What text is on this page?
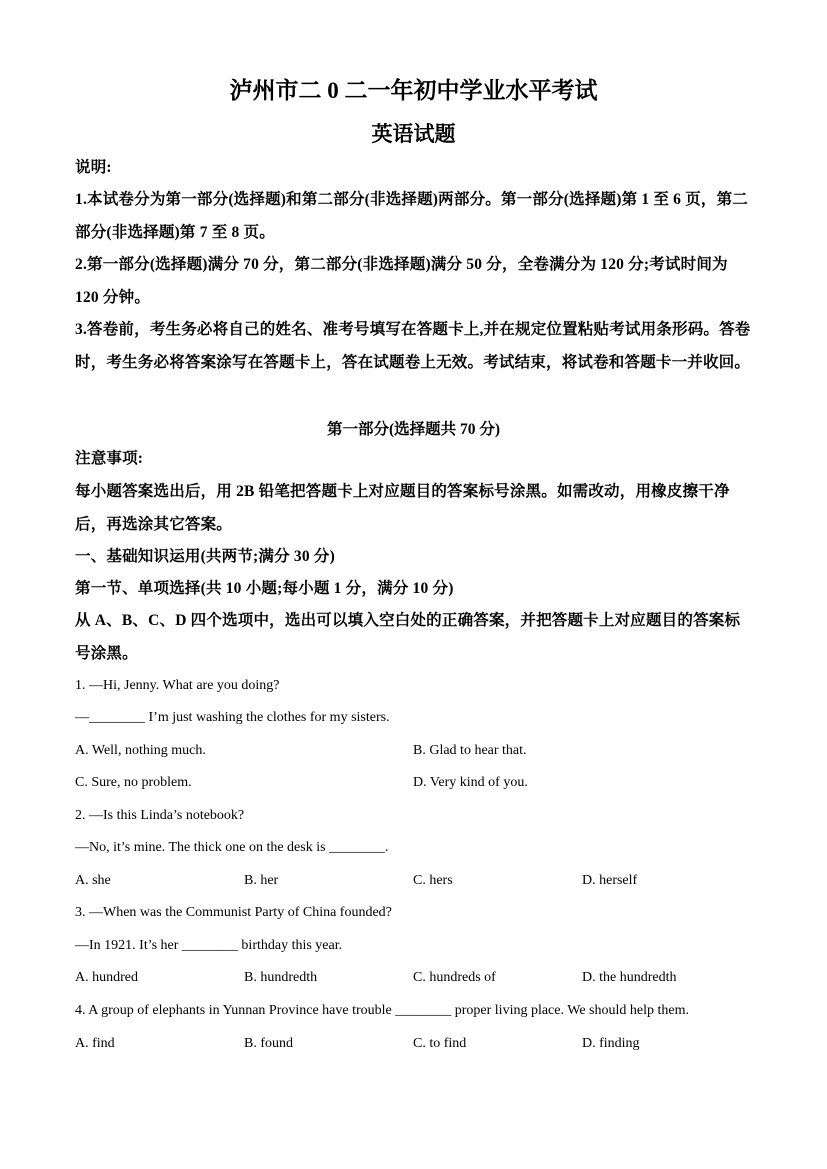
泸州市二 0 二一年初中学业水平考试
英语试题
说明:
1.本试卷分为第一部分(选择题)和第二部分(非选择题)两部分。第一部分(选择题)第 1 至 6 页，第二部分(非选择题)第 7 至 8 页。
2.第一部分(选择题)满分 70 分，第二部分(非选择题)满分 50 分，全卷满分为 120 分;考试时间为 120 分钟。
3.答卷前，考生务必将自己的姓名、准考号填写在答题卡上,并在规定位置粘贴考试用条形码。答卷时，考生务必将答案涂写在答题卡上，答在试题卷上无效。考试结束，将试卷和答题卡一并收回。
第一部分(选择题共 70 分)
注意事项:
每小题答案选出后，用 2B 铅笔把答题卡上对应题目的答案标号涂黑。如需改动，用橡皮擦干净后，再选涂其它答案。
一、基础知识运用(共两节;满分 30 分)
第一节、单项选择(共 10 小题;每小题 1 分，满分 10 分)
从 A、B、C、D 四个选项中，选出可以填入空白处的正确答案，并把答题卡上对应题目的答案标号涂黑。
1. —Hi, Jenny. What are you doing?
—________ I’m just washing the clothes for my sisters.
A. Well, nothing much.	B. Glad to hear that.
C. Sure, no problem.	D. Very kind of you.
2. —Is this Linda’s notebook?
—No, it’s mine. The thick one on the desk is ________.
A. she	B. her	C. hers	D. herself
3. —When was the Communist Party of China founded?
—In 1921. It’s her ________ birthday this year.
A. hundred	B. hundredth	C. hundreds of	D. the hundredth
4. A group of elephants in Yunnan Province have trouble ________ proper living place. We should help them.
A. find	B. found	C. to find	D. finding
